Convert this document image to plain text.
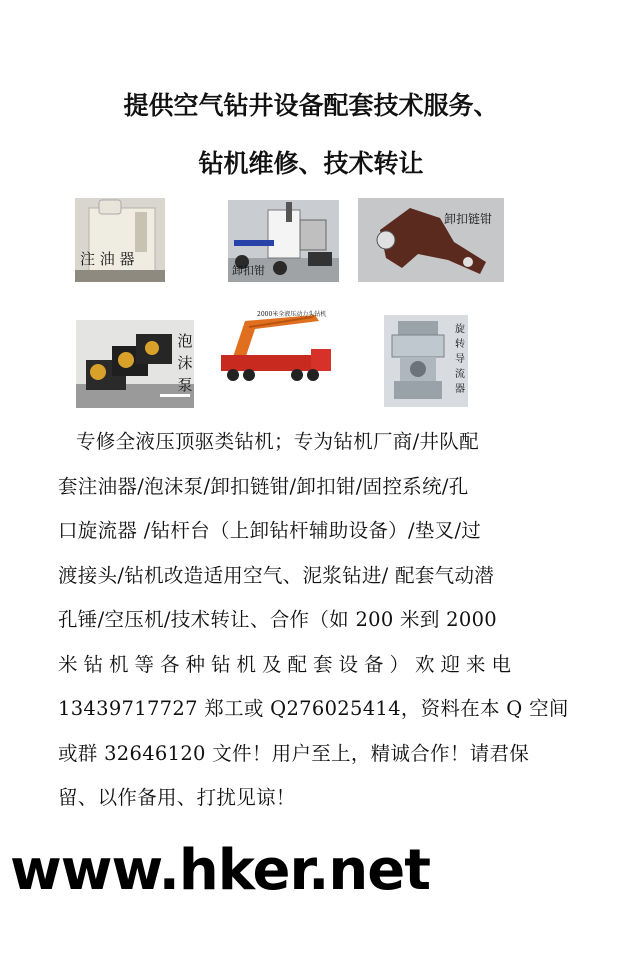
提供空气钻井设备配套技术服务、
钻机维修、技术转让
注 油 器
卸扣钳
卸扣链钳
泡
沫
泵
2000米全液压动力头钻机
旋
转
导
流
器

专修全液压顶驱类钻机；专为钻机厂商/井队配

套注油器/泡沫泵/卸扣链钳/卸扣钳/固控系统/孔

口旋流器 /钻杆台（上卸钻杆辅助设备）/垫叉/过

渡接头/钻机改造适用空气、泥浆钻进/ 配套气动潜

孔锤/空压机/技术转让、合作（如 200 米到 2000

米钻机等各种钻机及配套设备）欢迎来电

13439717727 郑工或 Q276025414，资料在本 Q 空间

或群 32646120 文件！用户至上，精诚合作！请君保

留、以作备用、打扰见谅！

www.hker.net
